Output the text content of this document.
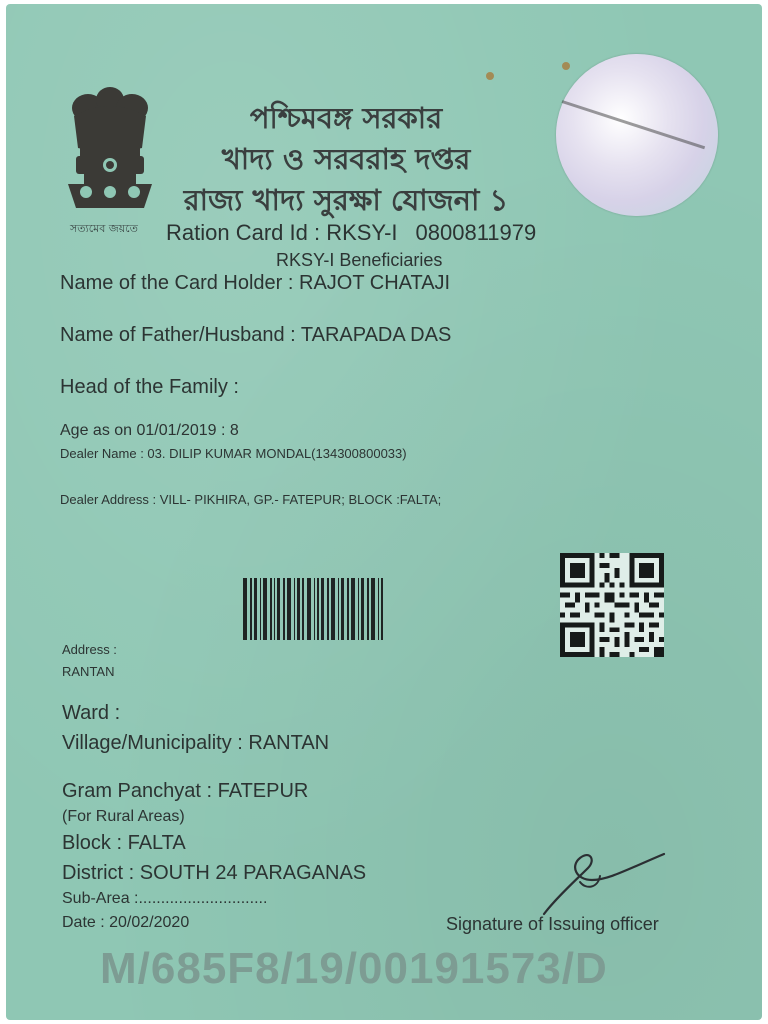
সত্যমেব জয়তে
পশ্চিমবঙ্গ সরকার
খাদ্য ও সরবরাহ দপ্তর
রাজ্য খাদ্য সুরক্ষা যোজনা ১
Ration Card Id : RKSY-I 0800811979
RKSY-I Beneficiaries
Name of the Card Holder : RAJOT CHATAJI
Name of Father/Husband : TARAPADA DAS
Head of the Family :
Age as on 01/01/2019 : 8
Dealer Name : 03. DILIP KUMAR MONDAL(134300800033)
Dealer Address : VILL- PIKHIRA, GP.- FATEPUR; BLOCK :FALTA;
Address :
RANTAN
Ward :
Village/Municipality : RANTAN
Gram Panchyat : FATEPUR
(For Rural Areas)
Block : FALTA
District : SOUTH 24 PARAGANAS
Sub-Area :.............................
Date : 20/02/2020	Signature of Issuing officer
M/685F8/19/00191573/D
